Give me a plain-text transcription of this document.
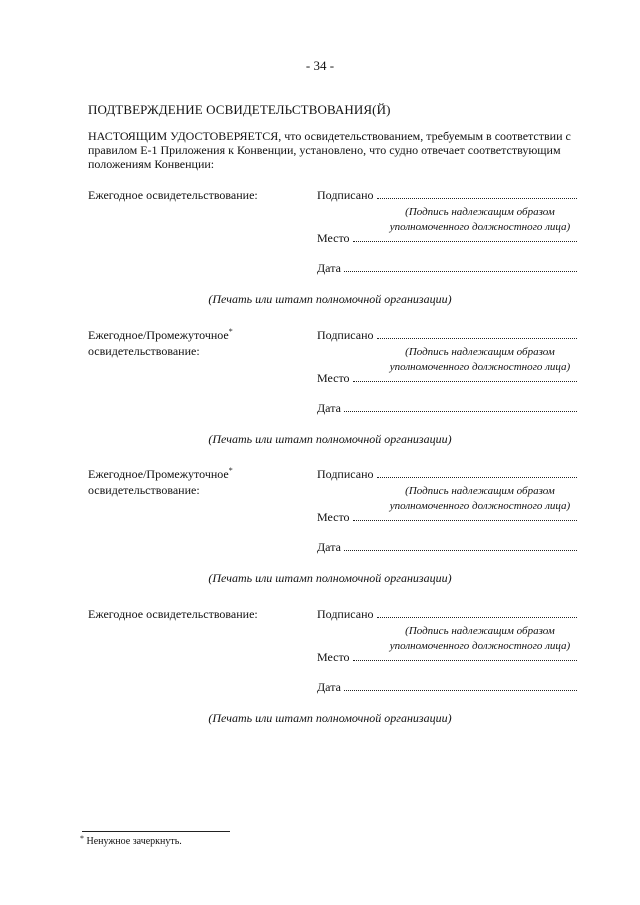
- 34 -
ПОДТВЕРЖДЕНИЕ ОСВИДЕТЕЛЬСТВОВАНИЯ(Й)
НАСТОЯЩИМ УДОСТОВЕРЯЕТСЯ, что освидетельствованием, требуемым в соответствии с правилом Е-1 Приложения к Конвенции, установлено, что судно отвечает соответствующим положениям Конвенции:
Ежегодное освидетельствование:	Подписано
(Подпись надлежащим образом уполномоченного должностного лица)
Место
Дата
(Печать или штамп полномочной организации)
Ежегодное/Промежуточное*
освидетельствование:
Подписано
(Подпись надлежащим образом уполномоченного должностного лица)
Место
Дата
(Печать или штамп полномочной организации)
Ежегодное/Промежуточное*
освидетельствование:
Подписано
(Подпись надлежащим образом уполномоченного должностного лица)
Место
Дата
(Печать или штамп полномочной организации)
Ежегодное освидетельствование:	Подписано
(Подпись надлежащим образом уполномоченного должностного лица)
Место
Дата
(Печать или штамп полномочной организации)
* Ненужное зачеркнуть.
